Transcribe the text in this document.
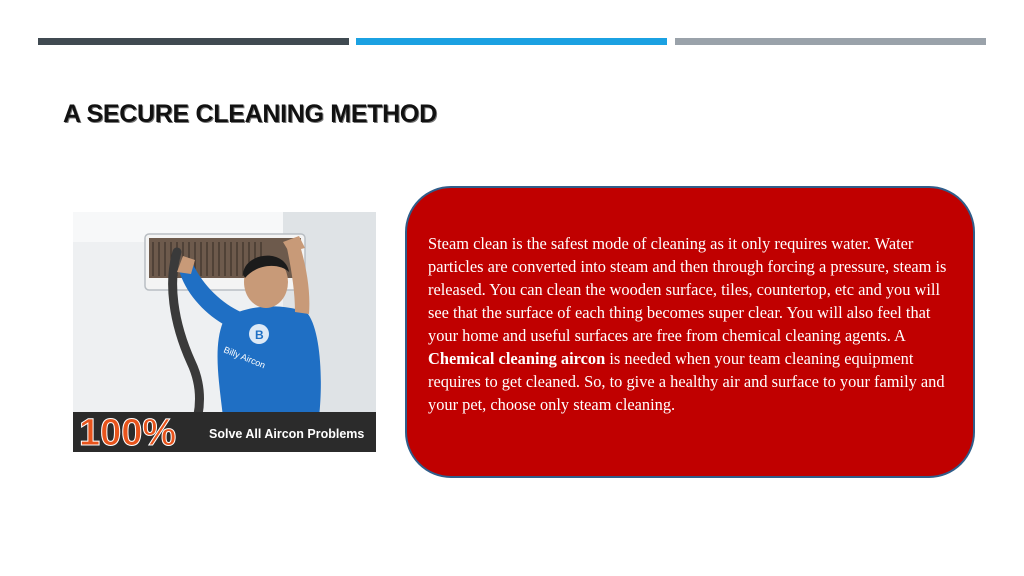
A SECURE CLEANING METHOD
B
Billy Aircon
100%	Solve All Aircon Problems

Steam clean is the safest mode of cleaning as it only requires water. Water particles are converted into steam and then through forcing a pressure, steam is released. You can clean the wooden surface, tiles, countertop, etc and you will see that the surface of each thing becomes super clear. You will also feel that your home and useful surfaces are free from chemical cleaning agents. A Chemical cleaning aircon is needed when your team cleaning equipment requires to get cleaned. So, to give a healthy air and surface to your family and your pet, choose only steam cleaning.
